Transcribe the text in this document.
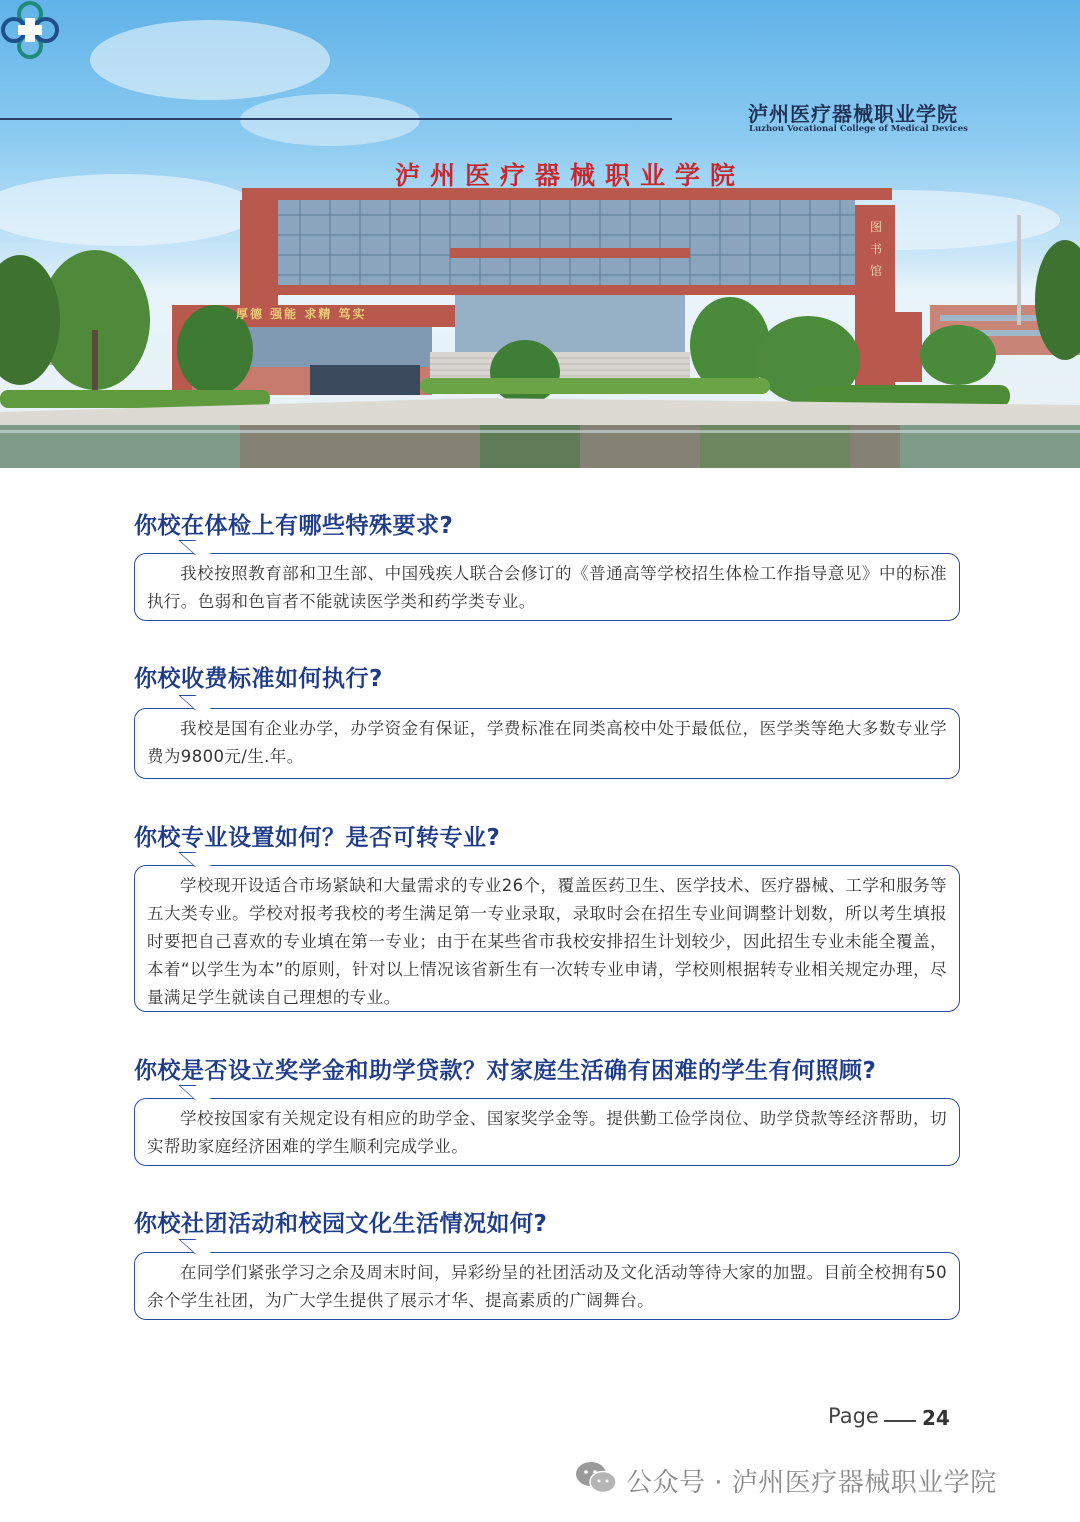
泸州医疗器械职业学院
Luzhou Vocational College of Medical Devices
泸州医疗器械职业学院
厚德 强能 求精 笃实
图书馆
你校在体检上有哪些特殊要求?

我校按照教育部和卫生部、中国残疾人联合会修订的《普通高等学校招生体检工作指导意见》中的标准执行。色弱和色盲者不能就读医学类和药学类专业。

你校收费标准如何执行?

我校是国有企业办学，办学资金有保证，学费标准在同类高校中处于最低位，医学类等绝大多数专业学费为9800元/生.年。

你校专业设置如何？是否可转专业?

学校现开设适合市场紧缺和大量需求的专业26个，覆盖医药卫生、医学技术、医疗器械、工学和服务等五大类专业。学校对报考我校的考生满足第一专业录取，录取时会在招生专业间调整计划数，所以考生填报时要把自己喜欢的专业填在第一专业；由于在某些省市我校安排招生计划较少，因此招生专业未能全覆盖，本着“以学生为本”的原则，针对以上情况该省新生有一次转专业申请，学校则根据转专业相关规定办理，尽量满足学生就读自己理想的专业。

你校是否设立奖学金和助学贷款？对家庭生活确有困难的学生有何照顾?

学校按国家有关规定设有相应的助学金、国家奖学金等。提供勤工俭学岗位、助学贷款等经济帮助，切实帮助家庭经济困难的学生顺利完成学业。

你校社团活动和校园文化生活情况如何?

在同学们紧张学习之余及周末时间，异彩纷呈的社团活动及文化活动等待大家的加盟。目前全校拥有50余个学生社团，为广大学生提供了展示才华、提高素质的广阔舞台。

Page 24
公众号 · 泸州医疗器械职业学院
